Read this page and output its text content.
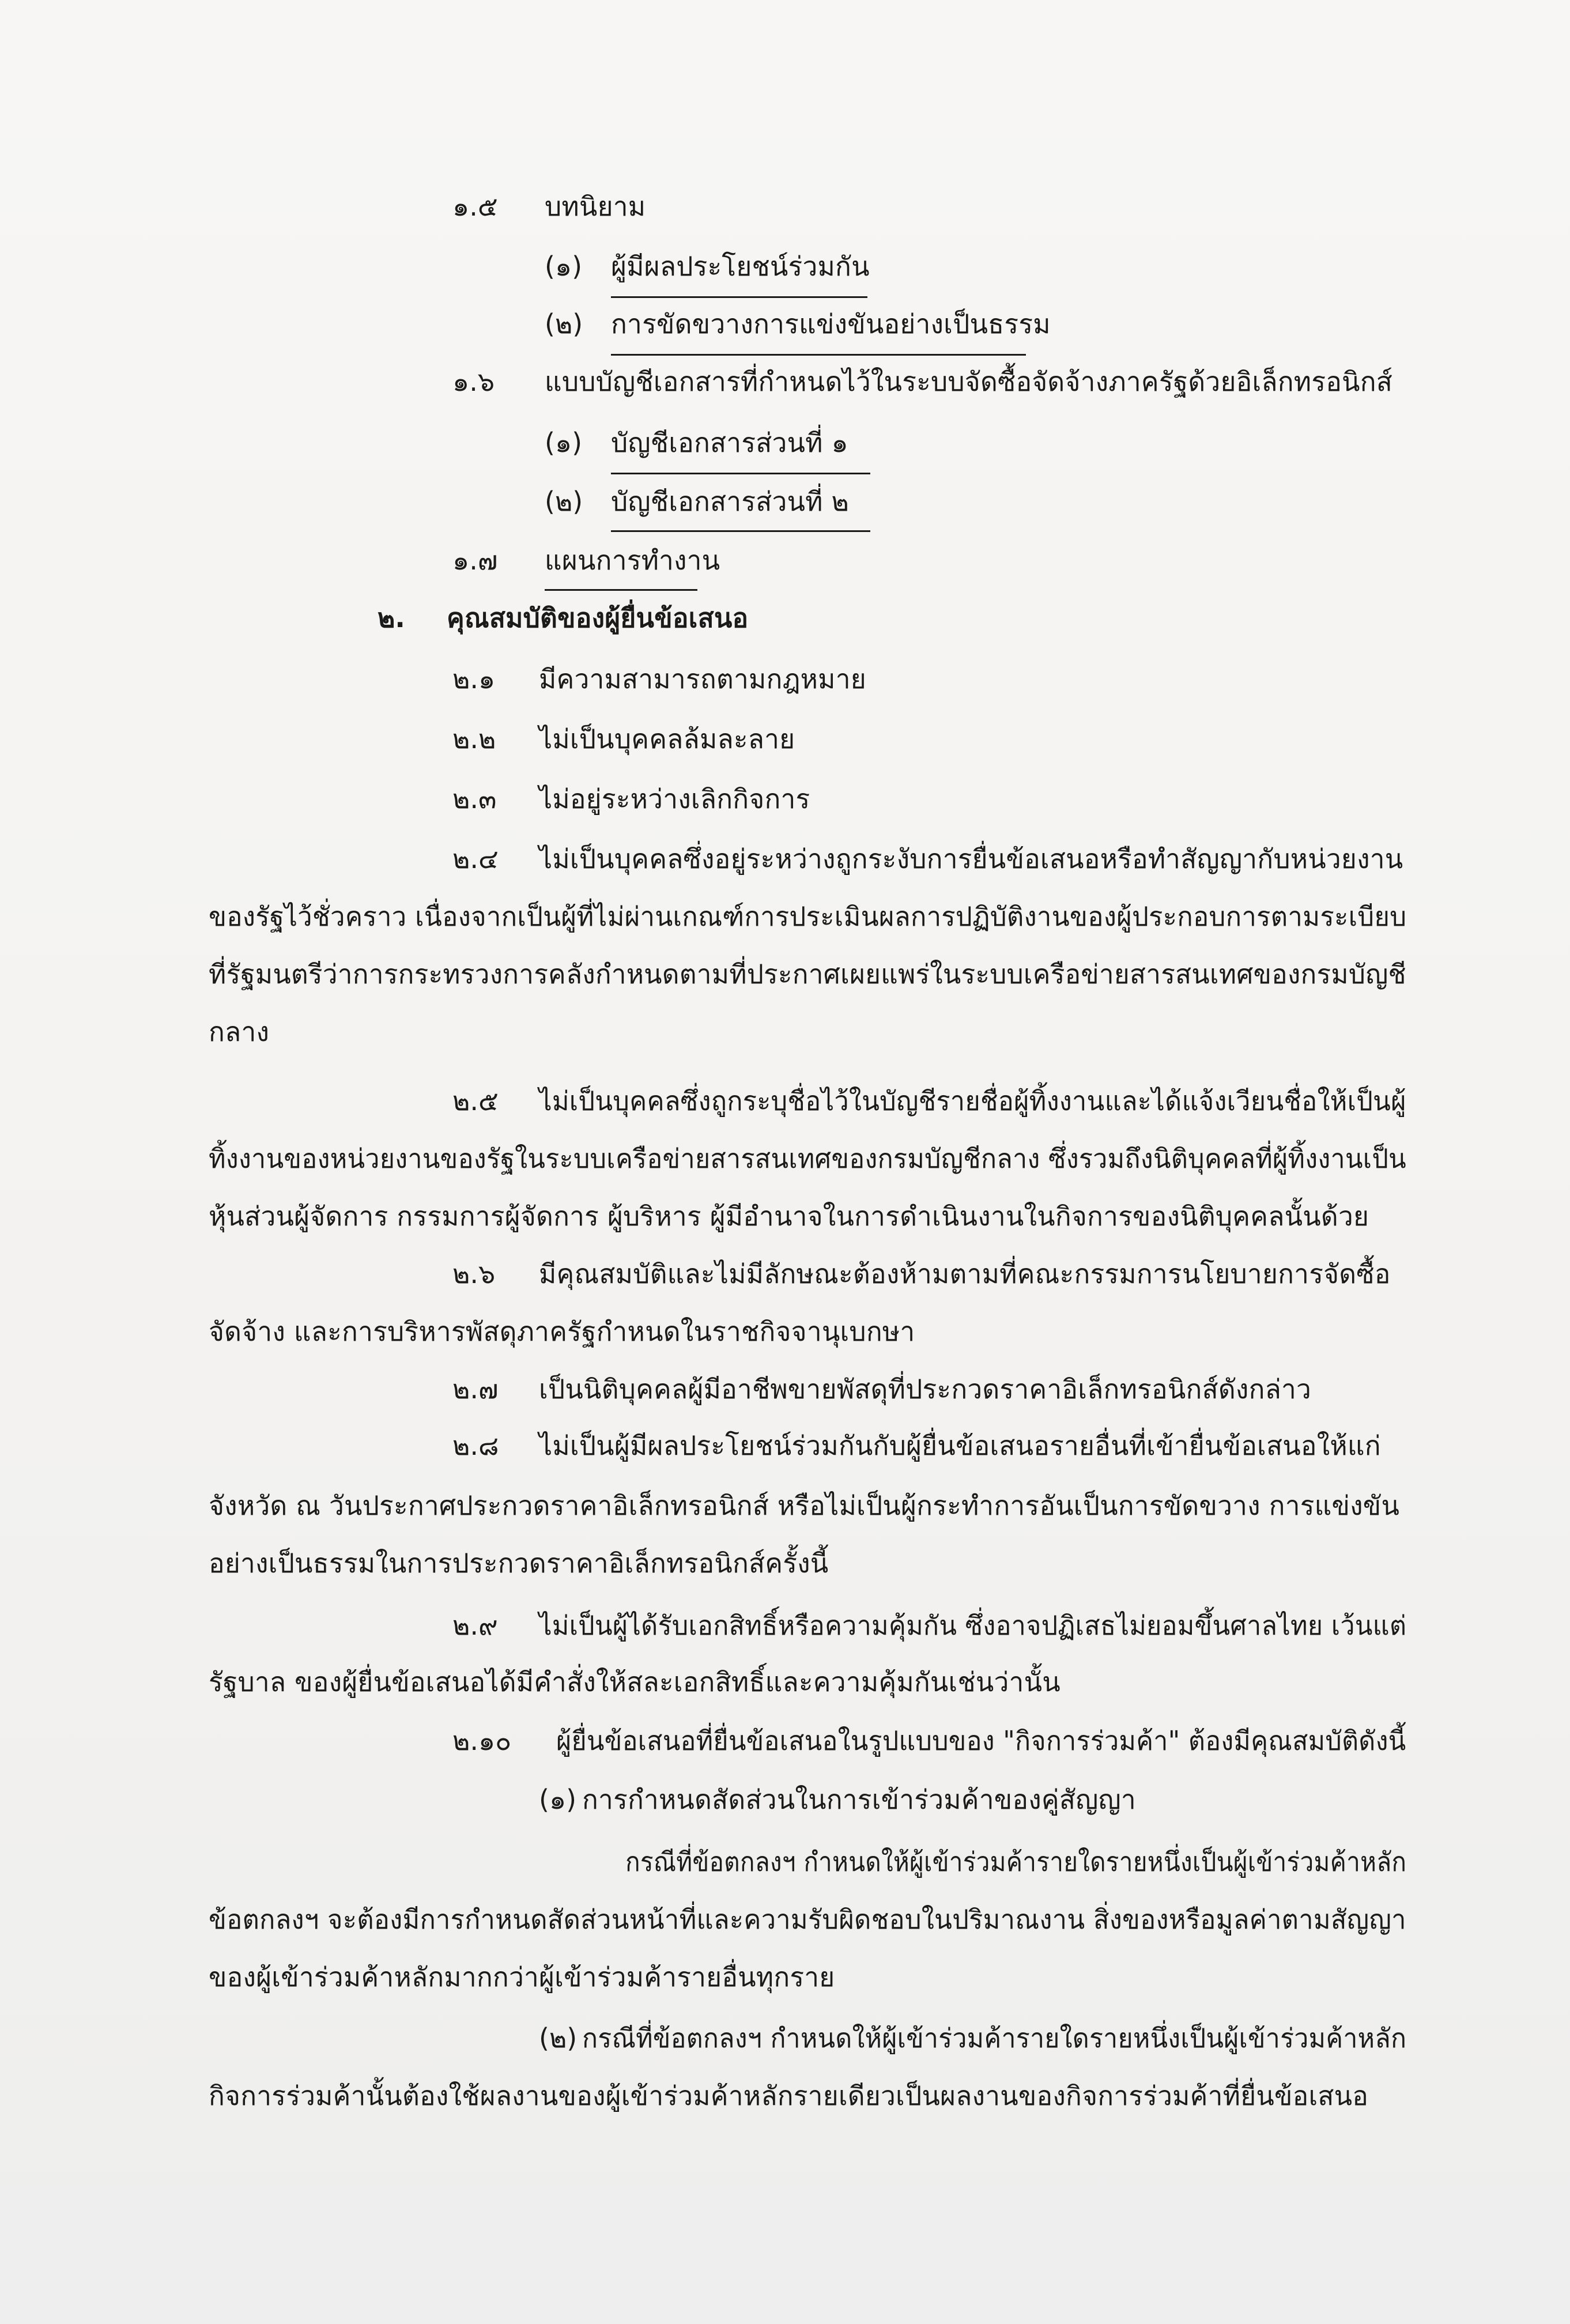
๑.๕ บทนิยาม
(๑) ผู้มีผลประโยชน์ร่วมกัน
(๒) การขัดขวางการแข่งขันอย่างเป็นธรรม
๑.๖ แบบบัญชีเอกสารที่กำหนดไว้ในระบบจัดซื้อจัดจ้างภาครัฐด้วยอิเล็กทรอนิกส์
(๑) บัญชีเอกสารส่วนที่ ๑
(๒) บัญชีเอกสารส่วนที่ ๒
๑.๗ แผนการทำงาน
๒. คุณสมบัติของผู้ยื่นข้อเสนอ
๒.๑ มีความสามารถตามกฎหมาย
๒.๒ ไม่เป็นบุคคลล้มละลาย
๒.๓ ไม่อยู่ระหว่างเลิกกิจการ
๒.๔ ไม่เป็นบุคคลซึ่งอยู่ระหว่างถูกระงับการยื่นข้อเสนอหรือทำสัญญากับหน่วยงาน
ของรัฐไว้ชั่วคราว เนื่องจากเป็นผู้ที่ไม่ผ่านเกณฑ์การประเมินผลการปฏิบัติงานของผู้ประกอบการตามระเบียบ
ที่รัฐมนตรีว่าการกระทรวงการคลังกำหนดตามที่ประกาศเผยแพร่ในระบบเครือข่ายสารสนเทศของกรมบัญชี
กลาง
๒.๕ ไม่เป็นบุคคลซึ่งถูกระบุชื่อไว้ในบัญชีรายชื่อผู้ทิ้งงานและได้แจ้งเวียนชื่อให้เป็นผู้
ทิ้งงานของหน่วยงานของรัฐในระบบเครือข่ายสารสนเทศของกรมบัญชีกลาง ซึ่งรวมถึงนิติบุคคลที่ผู้ทิ้งงานเป็น
หุ้นส่วนผู้จัดการ กรรมการผู้จัดการ ผู้บริหาร ผู้มีอำนาจในการดำเนินงานในกิจการของนิติบุคคลนั้นด้วย
๒.๖ มีคุณสมบัติและไม่มีลักษณะต้องห้ามตามที่คณะกรรมการนโยบายการจัดซื้อ
จัดจ้าง และการบริหารพัสดุภาครัฐกำหนดในราชกิจจานุเบกษา
๒.๗ เป็นนิติบุคคลผู้มีอาชีพขายพัสดุที่ประกวดราคาอิเล็กทรอนิกส์ดังกล่าว
๒.๘ ไม่เป็นผู้มีผลประโยชน์ร่วมกันกับผู้ยื่นข้อเสนอรายอื่นที่เข้ายื่นข้อเสนอให้แก่
จังหวัด ณ วันประกาศประกวดราคาอิเล็กทรอนิกส์ หรือไม่เป็นผู้กระทำการอันเป็นการขัดขวาง การแข่งขัน
อย่างเป็นธรรมในการประกวดราคาอิเล็กทรอนิกส์ครั้งนี้
๒.๙ ไม่เป็นผู้ได้รับเอกสิทธิ์หรือความคุ้มกัน ซึ่งอาจปฏิเสธไม่ยอมขึ้นศาลไทย เว้นแต่
รัฐบาล ของผู้ยื่นข้อเสนอได้มีคำสั่งให้สละเอกสิทธิ์และความคุ้มกันเช่นว่านั้น
๒.๑๐ ผู้ยื่นข้อเสนอที่ยื่นข้อเสนอในรูปแบบของ "กิจการร่วมค้า" ต้องมีคุณสมบัติดังนี้
(๑) การกำหนดสัดส่วนในการเข้าร่วมค้าของคู่สัญญา
กรณีที่ข้อตกลงฯ กำหนดให้ผู้เข้าร่วมค้ารายใดรายหนึ่งเป็นผู้เข้าร่วมค้าหลัก
ข้อตกลงฯ จะต้องมีการกำหนดสัดส่วนหน้าที่และความรับผิดชอบในปริมาณงาน สิ่งของหรือมูลค่าตามสัญญา
ของผู้เข้าร่วมค้าหลักมากกว่าผู้เข้าร่วมค้ารายอื่นทุกราย
(๒) กรณีที่ข้อตกลงฯ กำหนดให้ผู้เข้าร่วมค้ารายใดรายหนึ่งเป็นผู้เข้าร่วมค้าหลัก
กิจการร่วมค้านั้นต้องใช้ผลงานของผู้เข้าร่วมค้าหลักรายเดียวเป็นผลงานของกิจการร่วมค้าที่ยื่นข้อเสนอ
